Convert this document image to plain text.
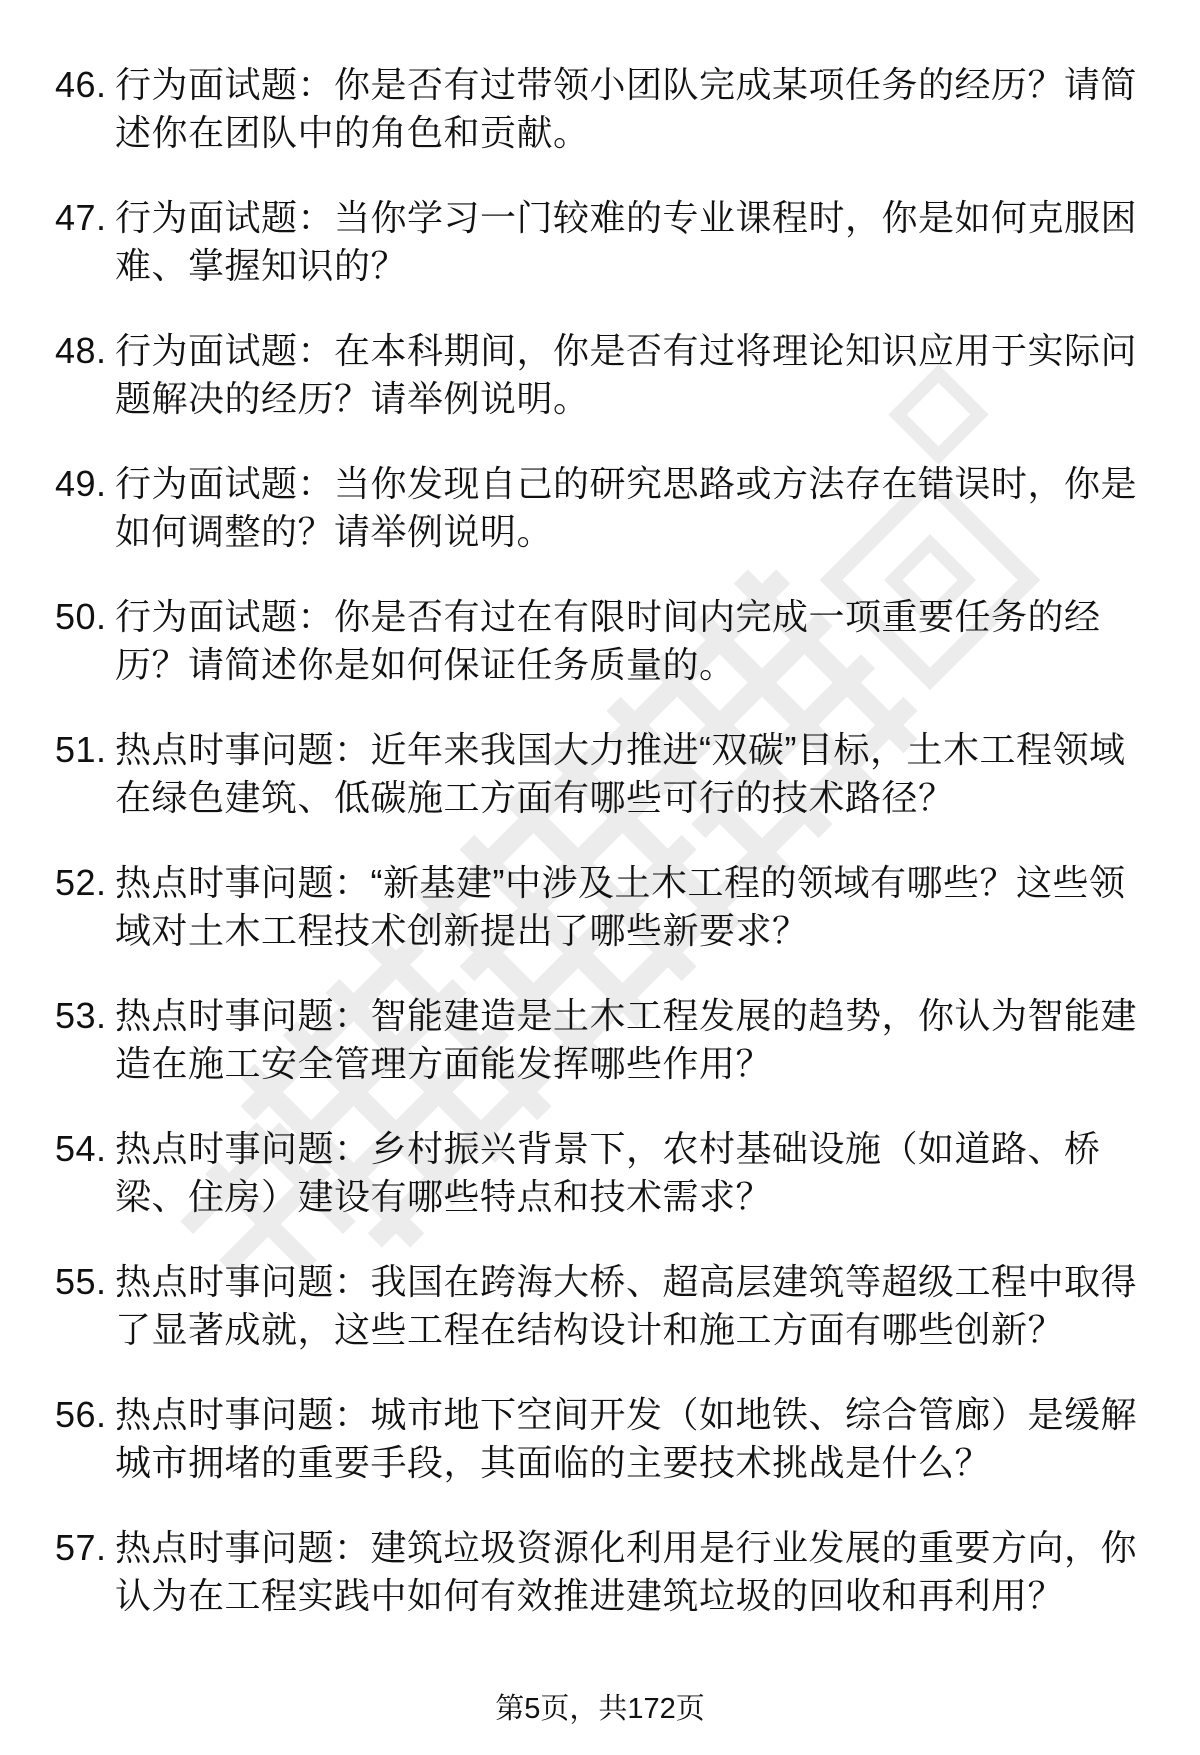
46. 行为面试题：你是否有过带领小团队完成某项任务的经历？请简述你在团队中的角色和贡献。
47. 行为面试题：当你学习一门较难的专业课程时，你是如何克服困难、掌握知识的？
48. 行为面试题：在本科期间，你是否有过将理论知识应用于实际问题解决的经历？请举例说明。
49. 行为面试题：当你发现自己的研究思路或方法存在错误时，你是如何调整的？请举例说明。
50. 行为面试题：你是否有过在有限时间内完成一项重要任务的经历？请简述你是如何保证任务质量的。
51. 热点时事问题：近年来我国大力推进“双碳”目标，土木工程领域在绿色建筑、低碳施工方面有哪些可行的技术路径？
52. 热点时事问题：“新基建”中涉及土木工程的领域有哪些？这些领域对土木工程技术创新提出了哪些新要求？
53. 热点时事问题：智能建造是土木工程发展的趋势，你认为智能建造在施工安全管理方面能发挥哪些作用？
54. 热点时事问题：乡村振兴背景下，农村基础设施（如道路、桥梁、住房）建设有哪些特点和技术需求？
55. 热点时事问题：我国在跨海大桥、超高层建筑等超级工程中取得了显著成就，这些工程在结构设计和施工方面有哪些创新？
56. 热点时事问题：城市地下空间开发（如地铁、综合管廊）是缓解城市拥堵的重要手段，其面临的主要技术挑战是什么？
57. 热点时事问题：建筑垃圾资源化利用是行业发展的重要方向，你认为在工程实践中如何有效推进建筑垃圾的回收和再利用？
第5页，共172页
